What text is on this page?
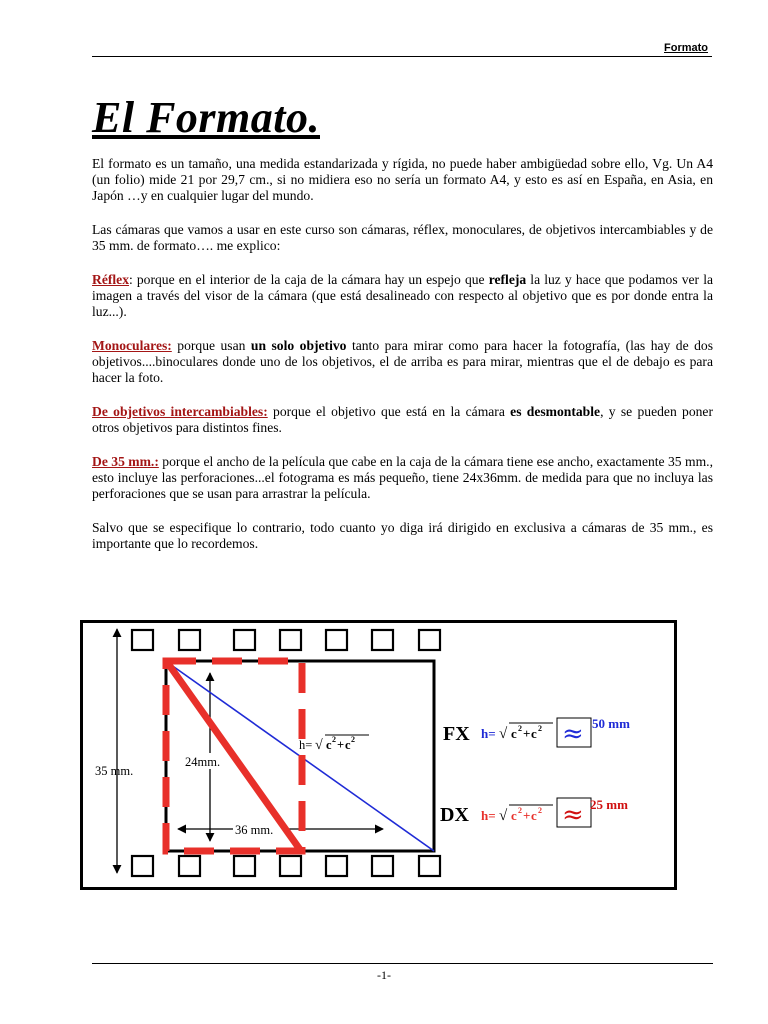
Formato
El Formato.

El formato es un tamaño, una medida estandarizada y rígida, no puede haber ambigüedad sobre ello, Vg. Un A4 (un folio) mide 21 por 29,7 cm., si no midiera eso no sería un formato A4, y esto es así en España, en Asia, en Japón …y en cualquier lugar del mundo.

Las cámaras que vamos a usar en este curso son cámaras, réflex, monoculares, de objetivos intercambiables y de 35 mm. de formato…. me explico:

Réflex: porque en el interior de la caja de la cámara hay un espejo que refleja la luz y hace que podamos ver la imagen a través del visor de la cámara (que está desalineado con respecto al objetivo que es por donde entra la luz...).

Monoculares: porque usan un solo objetivo tanto para mirar como para hacer la fotografía, (las hay de dos objetivos....binoculares donde uno de los objetivos, el de arriba es para mirar, mientras que el de debajo es para hacer la foto.

De objetivos intercambiables: porque el objetivo que está en la cámara es desmontable, y se pueden poner otros objetivos para distintos fines.

De 35 mm.: porque el ancho de la película que cabe en la caja de la cámara tiene ese ancho, exactamente 35 mm., esto incluye las perforaciones...el fotograma es más pequeño, tiene 24x36mm. de medida para que no incluya las perforaciones que se usan para arrastrar la película.

Salvo que se especifique lo contrario, todo cuanto yo diga irá dirigido en exclusiva a cámaras de 35 mm., es importante que lo recordemos.

35 mm.
24mm.
36 mm.
h= √ c 2 + c 2	FX h= √ c 2 + c 2 ≈ 50 mm
DX h= √ c 2 + c 2 ≈ 25 mm
-1-
